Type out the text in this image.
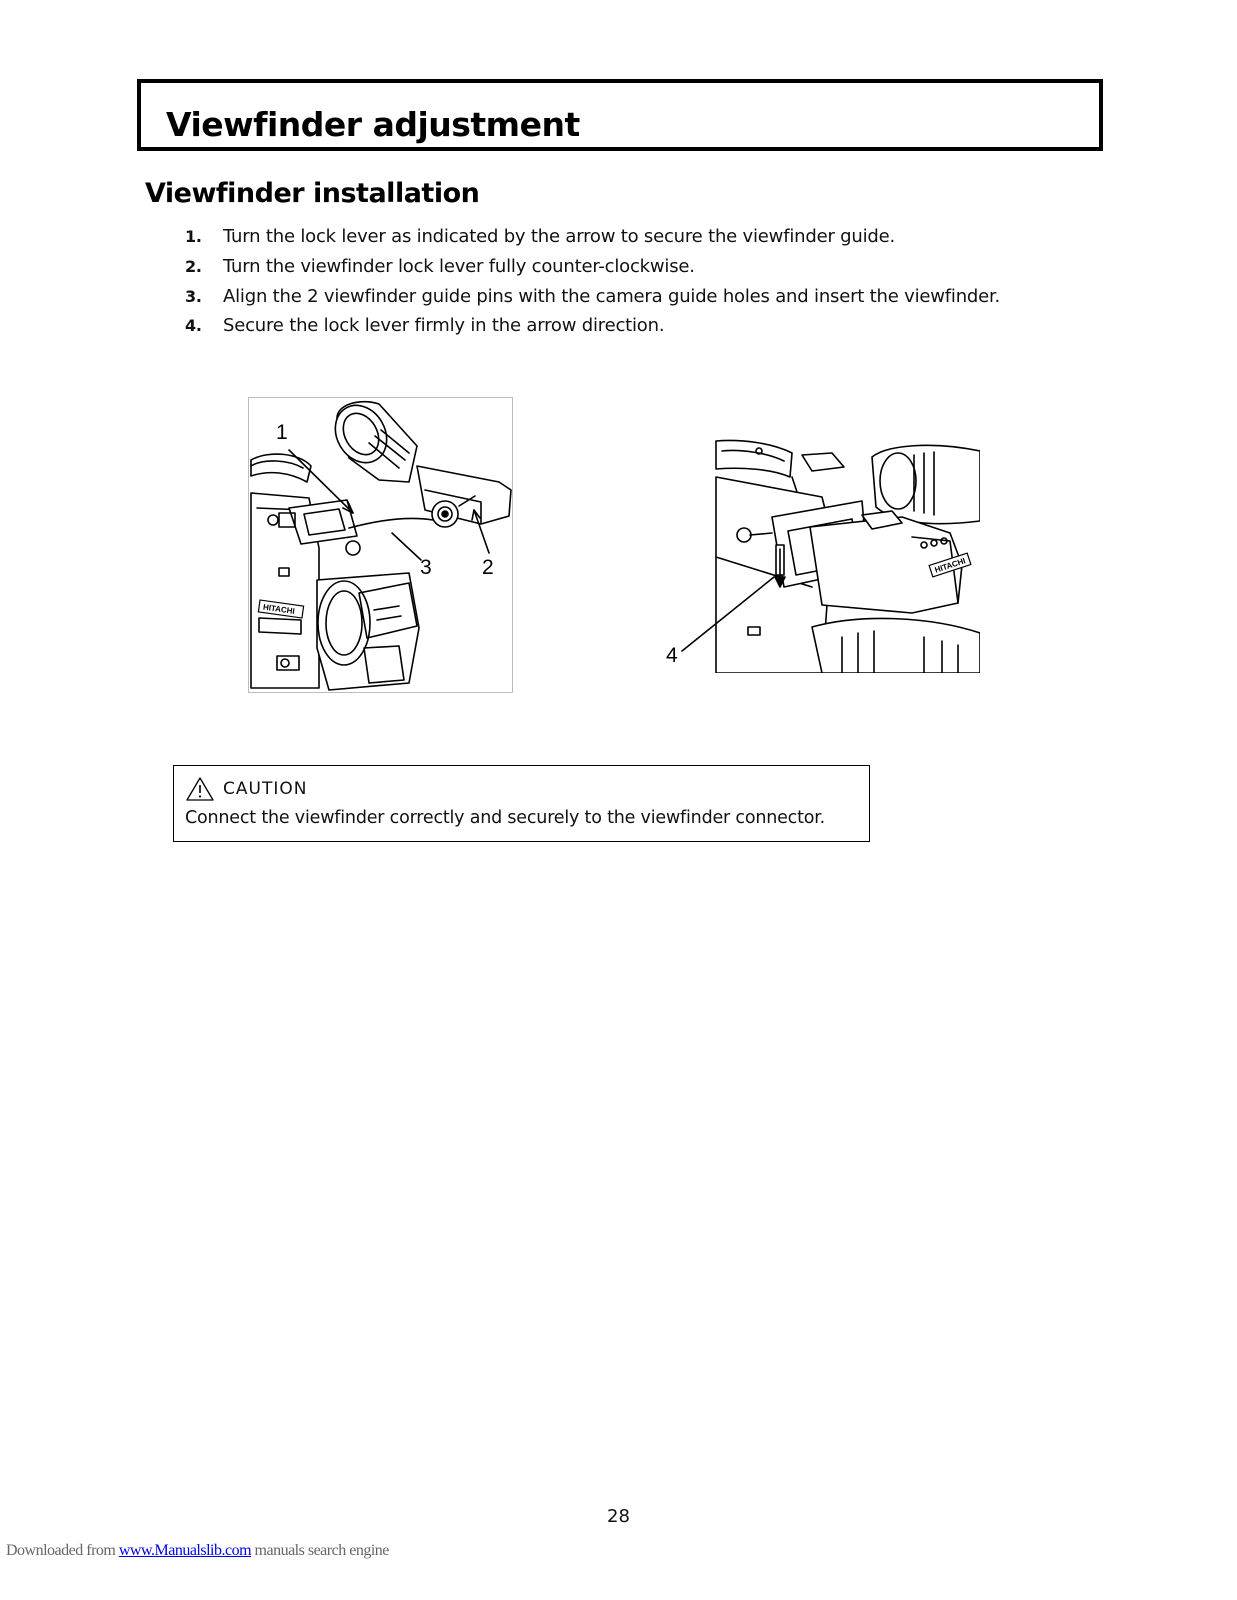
Viewfinder adjustment
Viewfinder installation
1.	Turn the lock lever as indicated by the arrow to secure the viewfinder guide.
2.	Turn the viewfinder lock lever fully counter-clockwise.
3.	Align the 2 viewfinder guide pins with the camera guide holes and insert the viewfinder.
4.	Secure the lock lever firmly in the arrow direction.
HITACHI
1
3 2	HITACHI
4
CAUTION
Connect the viewfinder correctly and securely to the viewfinder connector.
28
Downloaded from www.Manualslib.com manuals search engine
